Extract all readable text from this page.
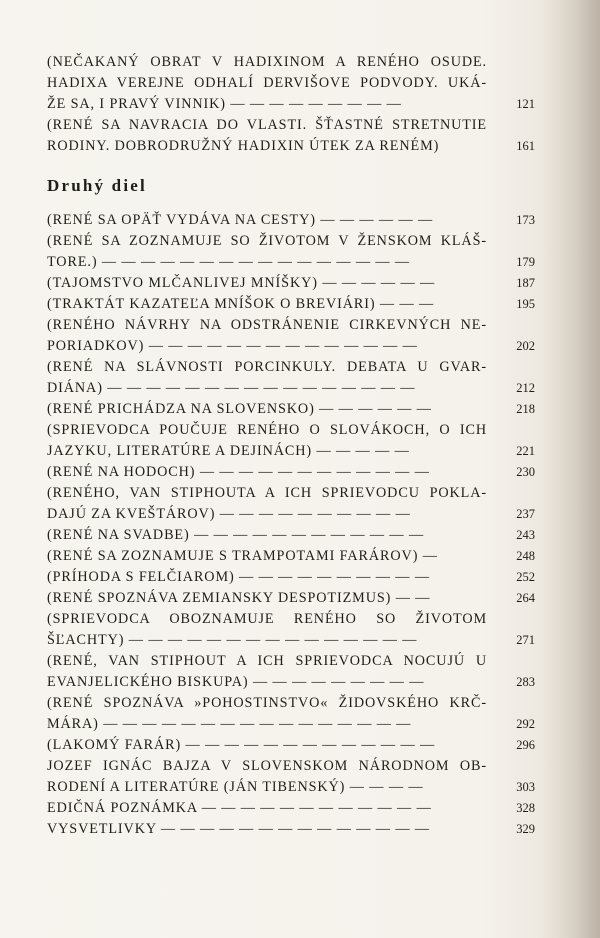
(NEČAKANÝ OBRAT V HADIXINOM A RENÉHO OSUDE.
HADIXA VEREJNE ODHALÍ DERVIŠOVE PODVODY. UKÁ-
ŽE SA, I PRAVÝ VINNIK) — — — — — — — — —	121
(RENÉ SA NAVRACIA DO VLASTI. ŠŤASTNÉ STRETNUTIE
RODINY. DOBRODRUŽNÝ HADIXIN ÚTEK ZA RENÉM)	161
Druhý diel
(RENÉ SA OPÄŤ VYDÁVA NA CESTY) — — — — — —	173
(RENÉ SA ZOZNAMUJE SO ŽIVOTOM V ŽENSKOM KLÁŠ-
TORE.) — — — — — — — — — — — — — — — —	179
(TAJOMSTVO MLČANLIVEJ MNÍŠKY) — — — — — —	187
(TRAKTÁT KAZATEĽA MNÍŠOK O BREVIÁRI) — — —	195
(RENÉHO NÁVRHY NA ODSTRÁNENIE CIRKEVNÝCH NE-
PORIADKOV) — — — — — — — — — — — — — —	202
(RENÉ NA SLÁVNOSTI PORCINKULY. DEBATA U GVAR-
DIÁNA) — — — — — — — — — — — — — — — —	212
(RENÉ PRICHÁDZA NA SLOVENSKO) — — — — — —	218
(SPRIEVODCA POUČUJE RENÉHO O SLOVÁKOCH, O ICH
JAZYKU, LITERATÚRE A DEJINÁCH) — — — — —	221
(RENÉ NA HODOCH) — — — — — — — — — — — —	230
(RENÉHO, VAN STIPHOUTA A ICH SPRIEVODCU POKLA-
DAJÚ ZA KVEŠTÁROV) — — — — — — — — — —	237
(RENÉ NA SVADBE) — — — — — — — — — — — —	243
(RENÉ SA ZOZNAMUJE S TRAMPOTAMI FARÁROV) —	248
(PRÍHODA S FELČIAROM) — — — — — — — — — —	252
(RENÉ SPOZNÁVA ZEMIANSKY DESPOTIZMUS) — —	264
(SPRIEVODCA OBOZNAMUJE RENÉHO SO ŽIVOTOM
ŠĽACHTY) — — — — — — — — — — — — — — —	271
(RENÉ, VAN STIPHOUT A ICH SPRIEVODCA NOCUJÚ U
EVANJELICKÉHO BISKUPA) — — — — — — — — —	283
(RENÉ SPOZNÁVA »POHOSTINSTVO« ŽIDOVSKÉHO KRČ-
MÁRA) — — — — — — — — — — — — — — — —	292
(LAKOMÝ FARÁR) — — — — — — — — — — — — —	296
JOZEF IGNÁC BAJZA V SLOVENSKOM NÁRODNOM OB-
RODENÍ A LITERATÚRE (JÁN TIBENSKÝ) — — — —	303
EDIČNÁ POZNÁMKA — — — — — — — — — — — —	328
VYSVETLIVKY — — — — — — — — — — — — — —	329
